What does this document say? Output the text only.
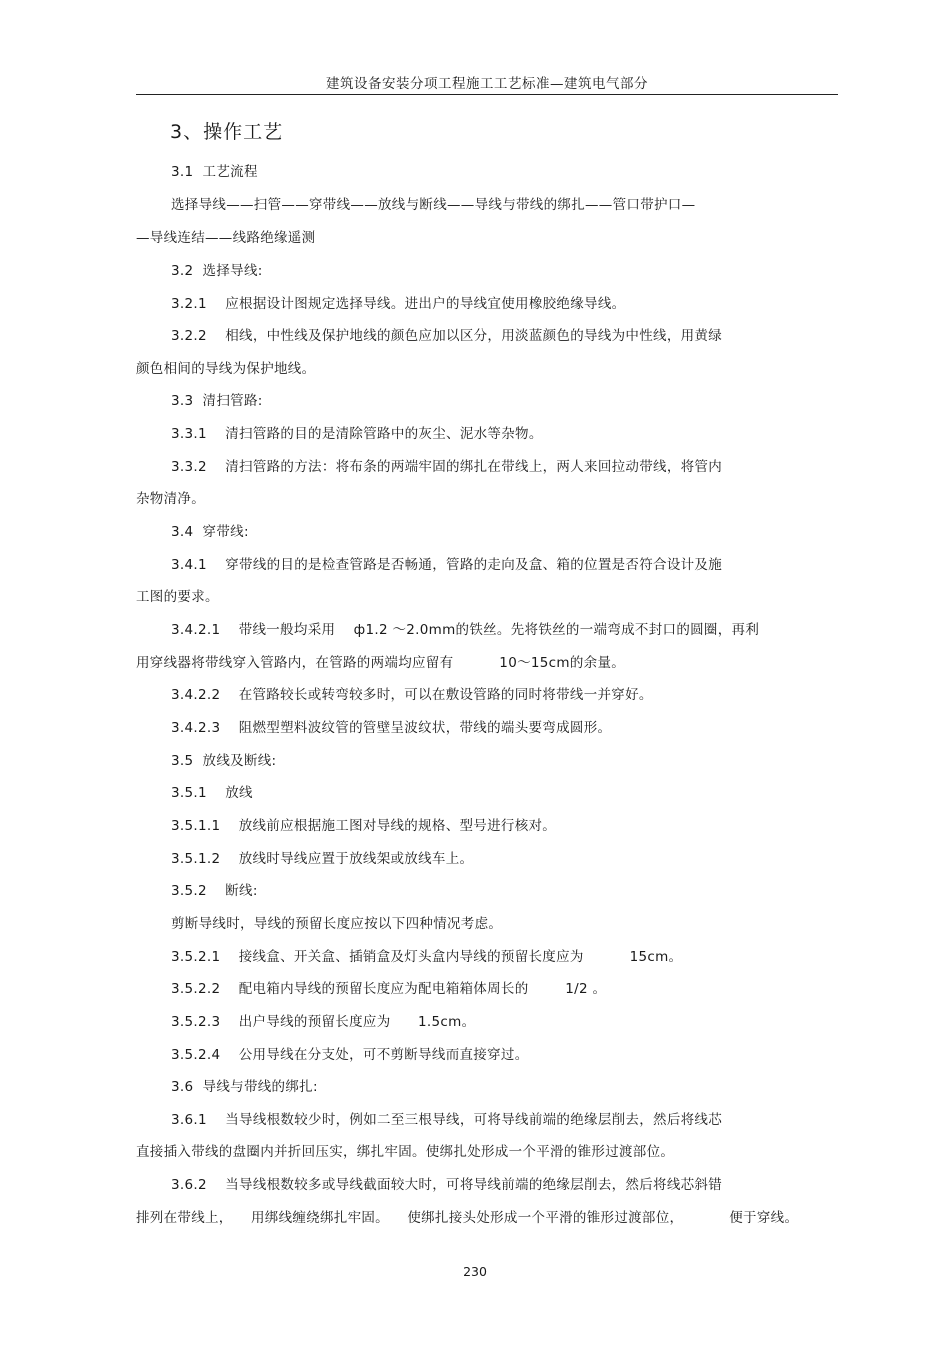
建筑设备安装分项工程施工工艺标准—建筑电气部分
3、操作工艺
3.1  工艺流程
选择导线——扫管——穿带线——放线与断线——导线与带线的绑扎——管口带护口—
—导线连结——线路绝缘遥测
3.2  选择导线:
3.2.1    应根据设计图规定选择导线。进出户的导线宜使用橡胶绝缘导线。
3.2.2    相线，中性线及保护地线的颜色应加以区分，用淡蓝颜色的导线为中性线，用黄绿
颜色相间的导线为保护地线。
3.3  清扫管路:
3.3.1    清扫管路的目的是清除管路中的灰尘、泥水等杂物。
3.3.2    清扫管路的方法：将布条的两端牢固的绑扎在带线上，两人来回拉动带线，将管内
杂物清净。
3.4  穿带线:
3.4.1    穿带线的目的是检查管路是否畅通，管路的走向及盒、箱的位置是否符合设计及施
工图的要求。
3.4.2.1    带线一般均采用    ф1.2 ～2.0mm的铁丝。先将铁丝的一端弯成不封口的圆圈，再利
用穿线器将带线穿入管路内，在管路的两端均应留有          10～15cm的余量。
3.4.2.2    在管路较长或转弯较多时，可以在敷设管路的同时将带线一并穿好。
3.4.2.3    阻燃型塑料波纹管的管壁呈波纹状，带线的端头要弯成圆形。
3.5  放线及断线:
3.5.1    放线
3.5.1.1    放线前应根据施工图对导线的规格、型号进行核对。
3.5.1.2    放线时导线应置于放线架或放线车上。
3.5.2    断线:
剪断导线时，导线的预留长度应按以下四种情况考虑。
3.5.2.1    接线盒、开关盒、插销盒及灯头盒内导线的预留长度应为          15cm。
3.5.2.2    配电箱内导线的预留长度应为配电箱箱体周长的        1/2 。
3.5.2.3    出户导线的预留长度应为      1.5cm。
3.5.2.4    公用导线在分支处，可不剪断导线而直接穿过。
3.6  导线与带线的绑扎:
3.6.1    当导线根数较少时，例如二至三根导线，可将导线前端的绝缘层削去，然后将线芯
直接插入带线的盘圈内并折回压实，绑扎牢固。使绑扎处形成一个平滑的锥形过渡部位。
3.6.2    当导线根数较多或导线截面较大时，可将导线前端的绝缘层削去，然后将线芯斜错
排列在带线上，    用绑线缠绕绑扎牢固。    使绑扎接头处形成一个平滑的锥形过渡部位，          便于穿线。
230
